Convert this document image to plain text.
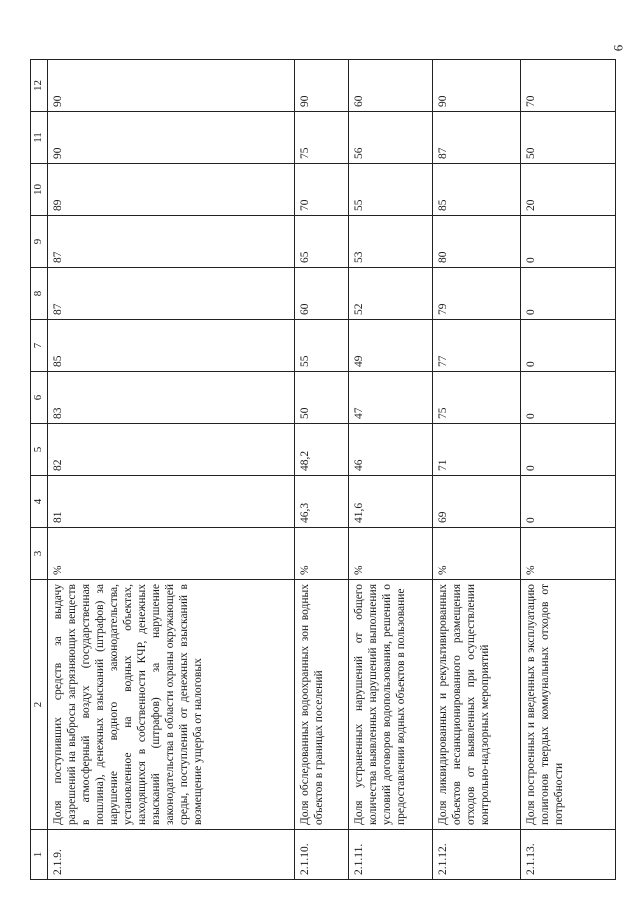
6
1	2	3	4	5	6	7	8	9	10	11	12
2.1.9.	Доля поступивших средств за выдачу разрешений на выбросы загрязняющих веществ в атмосферный воздух (государственная пошлина), денежных взысканий (штрафов) за нарушение водного законодательства, установленное на водных объектах, находящихся в собственности КЧР, денежных взысканий (штрафов) за нарушение законодательства в области охраны окружающей среды, поступлений от денежных взысканий в возмещение ущерба от налоговых	%	81	82	83	85	87	87	89	90	90
2.1.10.	Доля обследованных водоохранных зон водных объектов в границах поселений	%	46,3	48,2	50	55	60	65	70	75	90
2.1.11.	Доля устраненных нарушений от общего количества выявленных нарушений выполнения условий договоров водопользования, решений о предоставлении водных объектов в пользование	%	41,6	46	47	49	52	53	55	56	60
2.1.12.	Доля ликвидированных и рекультивированных объектов несанкционированного размещения отходов от выявленных при осуществлении контрольно-надзорных мероприятий	%	69	71	75	77	79	80	85	87	90
2.1.13.	Доля построенных и введенных в эксплуатацию полигонов твердых коммунальных отходов от потребности	%	0	0	0	0	0	0	20	50	70
